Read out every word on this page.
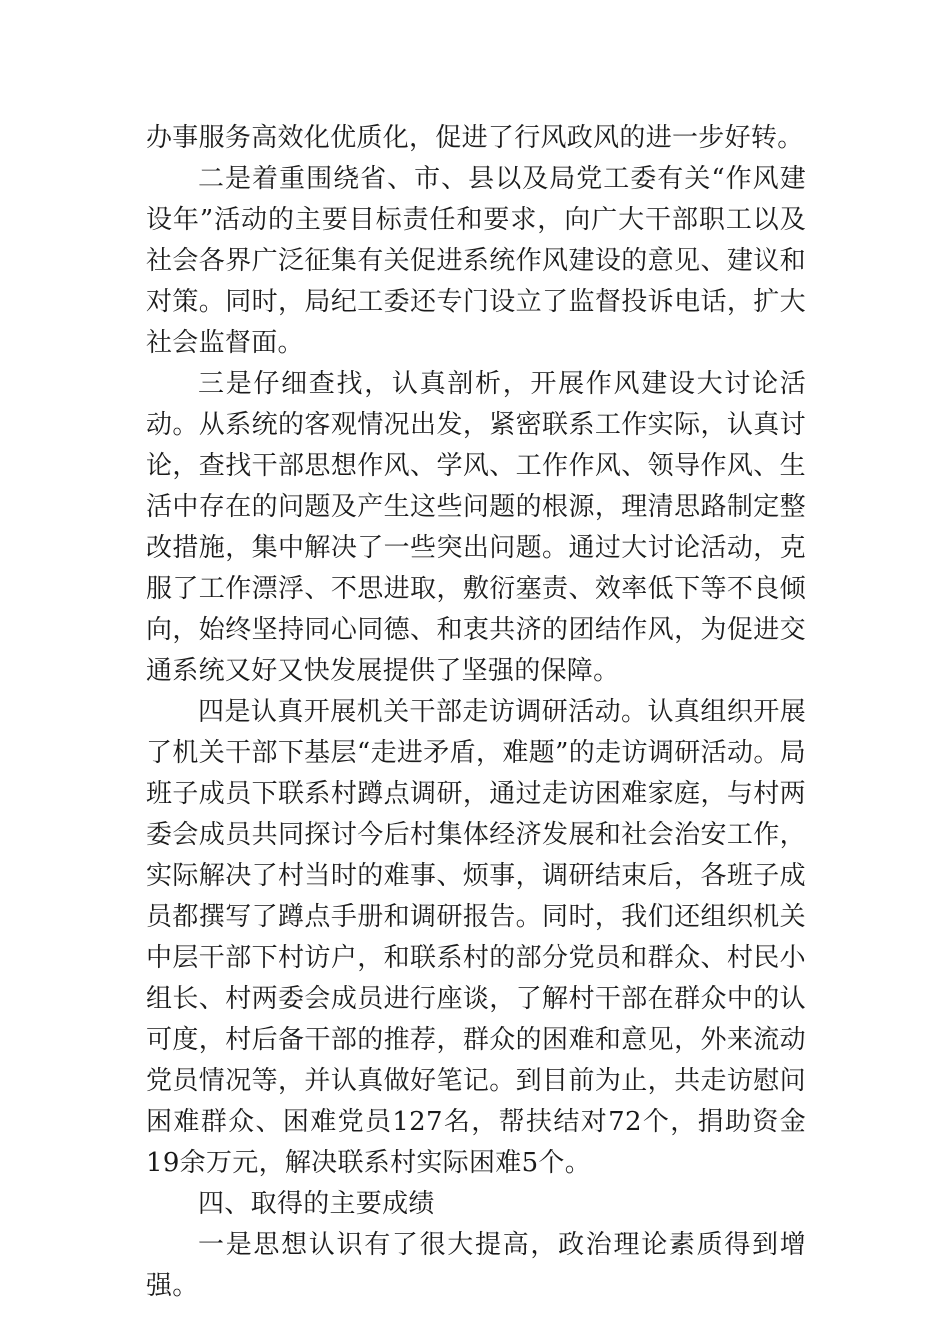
办事服务高效化优质化，促进了行风政风的进一步好转。

二是着重围绕省、市、县以及局党工委有关“作风建设年”活动的主要目标责任和要求，向广大干部职工以及社会各界广泛征集有关促进系统作风建设的意见、建议和对策。同时，局纪工委还专门设立了监督投诉电话，扩大社会监督面。

三是仔细查找，认真剖析，开展作风建设大讨论活动。从系统的客观情况出发，紧密联系工作实际，认真讨论，查找干部思想作风、学风、工作作风、领导作风、生活中存在的问题及产生这些问题的根源，理清思路制定整改措施，集中解决了一些突出问题。通过大讨论活动，克服了工作漂浮、不思进取，敷衍塞责、效率低下等不良倾向，始终坚持同心同德、和衷共济的团结作风，为促进交通系统又好又快发展提供了坚强的保障。

四是认真开展机关干部走访调研活动。认真组织开展了机关干部下基层“走进矛盾，难题”的走访调研活动。局班子成员下联系村蹲点调研，通过走访困难家庭，与村两委会成员共同探讨今后村集体经济发展和社会治安工作，实际解决了村当时的难事、烦事，调研结束后，各班子成员都撰写了蹲点手册和调研报告。同时，我们还组织机关中层干部下村访户，和联系村的部分党员和群众、村民小组长、村两委会成员进行座谈，了解村干部在群众中的认可度，村后备干部的推荐，群众的困难和意见，外来流动党员情况等，并认真做好笔记。到目前为止，共走访慰问困难群众、困难党员127名，帮扶结对72个，捐助资金19余万元，解决联系村实际困难5个。

四、取得的主要成绩

一是思想认识有了很大提高，政治理论素质得到增强。
